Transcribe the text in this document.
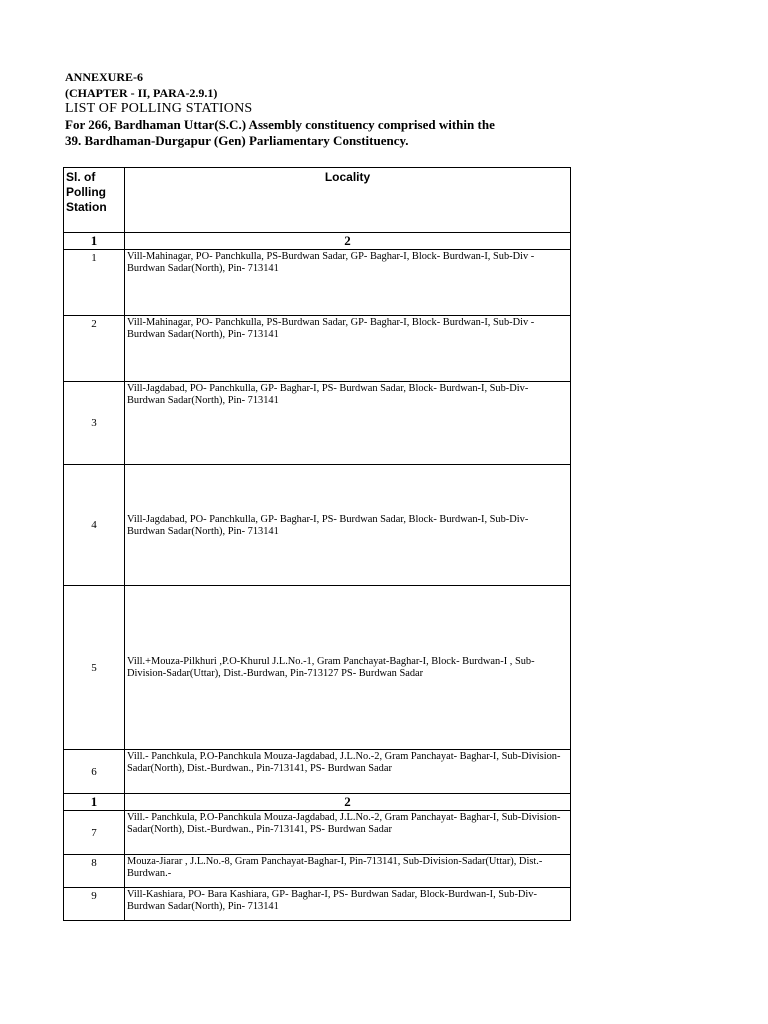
ANNEXURE-6
(CHAPTER - II, PARA-2.9.1)
LIST OF POLLING STATIONS
For 266, Bardhaman Uttar(S.C.) Assembly constituency comprised within the
39. Bardhaman-Durgapur (Gen) Parliamentary Constituency.
Sl. of Polling Station	Locality
1	2
1	Vill-Mahinagar, PO- Panchkulla, PS-Burdwan Sadar, GP- Baghar-I, Block- Burdwan-I, Sub-Div - Burdwan Sadar(North), Pin- 713141
2	Vill-Mahinagar, PO- Panchkulla, PS-Burdwan Sadar, GP- Baghar-I, Block- Burdwan-I, Sub-Div - Burdwan Sadar(North), Pin- 713141
3	Vill-Jagdabad, PO- Panchkulla, GP- Baghar-I, PS- Burdwan Sadar, Block- Burdwan-I, Sub-Div- Burdwan Sadar(North), Pin- 713141
4	Vill-Jagdabad, PO- Panchkulla, GP- Baghar-I, PS- Burdwan Sadar, Block- Burdwan-I, Sub-Div- Burdwan Sadar(North), Pin- 713141
5	Vill.+Mouza-Pilkhuri ,P.O-Khurul J.L.No.-1, Gram Panchayat-Baghar-I, Block- Burdwan-I , Sub-Division-Sadar(Uttar), Dist.-Burdwan, Pin-713127 PS- Burdwan Sadar
6	Vill.- Panchkula, P.O-Panchkula Mouza-Jagdabad, J.L.No.-2, Gram Panchayat- Baghar-I, Sub-Division-Sadar(North), Dist.-Burdwan., Pin-713141, PS- Burdwan Sadar
1	2
7	Vill.- Panchkula, P.O-Panchkula Mouza-Jagdabad, J.L.No.-2, Gram Panchayat- Baghar-I, Sub-Division-Sadar(North), Dist.-Burdwan., Pin-713141, PS- Burdwan Sadar
8	Mouza-Jiarar , J.L.No.-8, Gram Panchayat-Baghar-I, Pin-713141, Sub-Division-Sadar(Uttar), Dist.-Burdwan.-
9	Vill-Kashiara, PO- Bara Kashiara, GP- Baghar-I, PS- Burdwan Sadar, Block-Burdwan-I, Sub-Div- Burdwan Sadar(North), Pin- 713141
